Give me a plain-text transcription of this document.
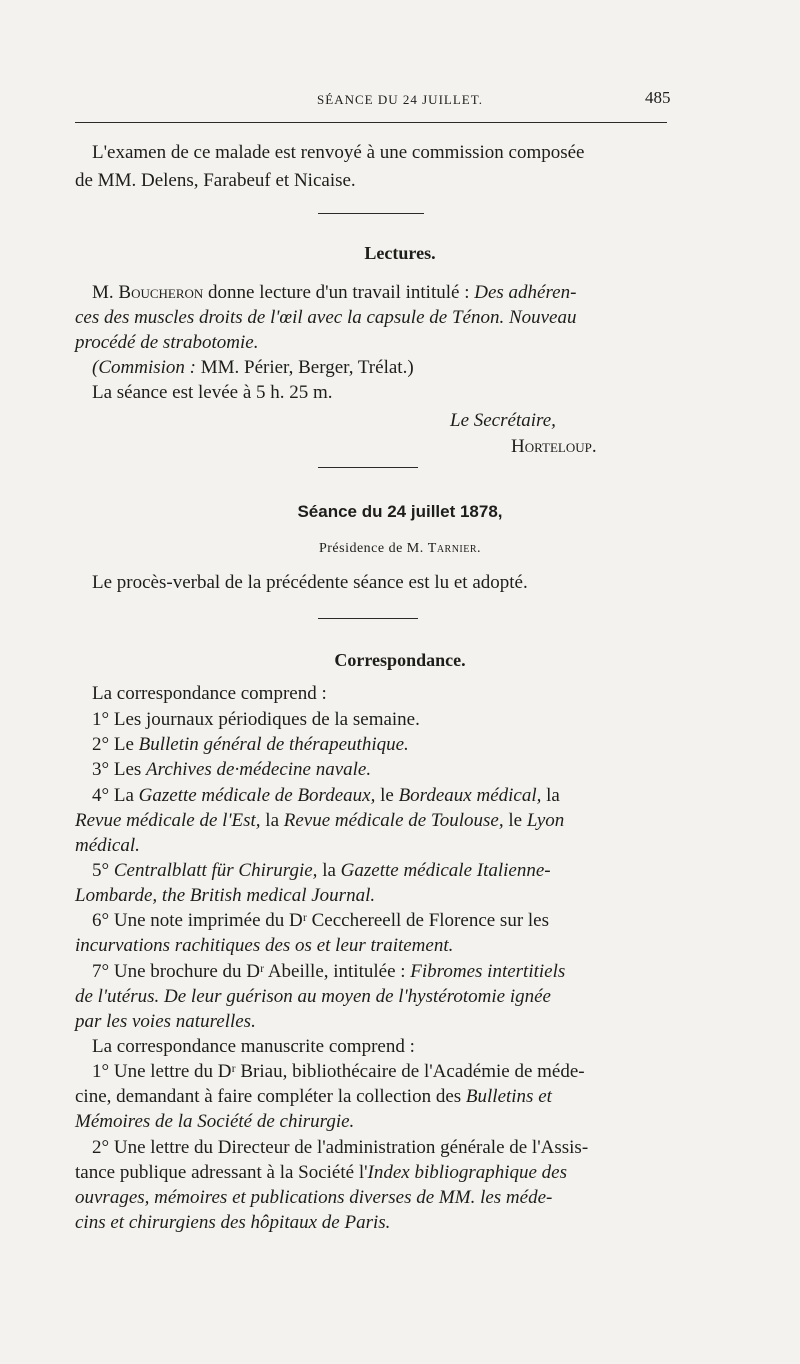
SÉANCE DU 24 JUILLET.	485
L'examen de ce malade est renvoyé à une commission composée
de MM. Delens, Farabeuf et Nicaise.
Lectures.
M. Boucheron donne lecture d'un travail intitulé : Des adhéren-
ces des muscles droits de l'œil avec la capsule de Ténon. Nouveau
procédé de strabotomie.
(Commision : MM. Périer, Berger, Trélat.)
La séance est levée à 5 h. 25 m.
Le Secrétaire,
Horteloup.
Séance du 24 juillet 1878,
Présidence de M. Tarnier.
Le procès-verbal de la précédente séance est lu et adopté.
Correspondance.
La correspondance comprend :
1° Les journaux périodiques de la semaine.
2° Le Bulletin général de thérapeuthique.
3° Les Archives de·médecine navale.
4° La Gazette médicale de Bordeaux, le Bordeaux médical, la
Revue médicale de l'Est, la Revue médicale de Toulouse, le Lyon
médical.
5° Centralblatt für Chirurgie, la Gazette médicale Italienne-
Lombarde, the British medical Journal.
6° Une note imprimée du Dʳ Cecchereell de Florence sur les
incurvations rachitiques des os et leur traitement.
7° Une brochure du Dʳ Abeille, intitulée : Fibromes intertitiels
de l'utérus. De leur guérison au moyen de l'hystérotomie ignée
par les voies naturelles.
La correspondance manuscrite comprend :
1° Une lettre du Dʳ Briau, bibliothécaire de l'Académie de méde-
cine, demandant à faire compléter la collection des Bulletins et
Mémoires de la Société de chirurgie.
2° Une lettre du Directeur de l'administration générale de l'Assis-
tance publique adressant à la Société l'Index bibliographique des
ouvrages, mémoires et publications diverses de MM. les méde-
cins et chirurgiens des hôpitaux de Paris.
